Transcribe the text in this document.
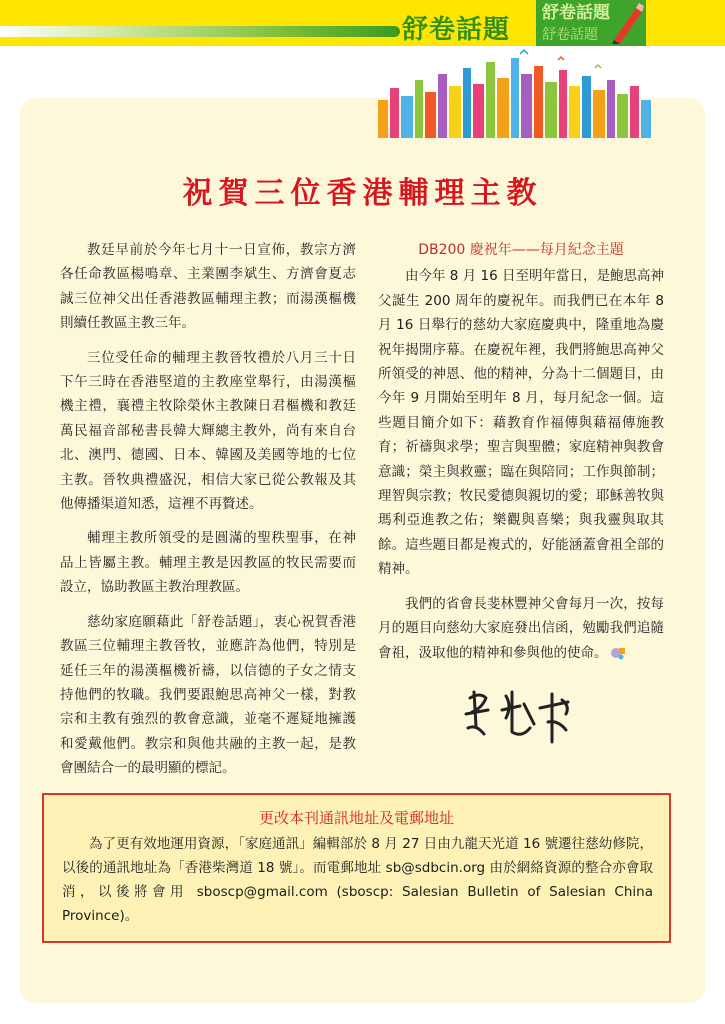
舒卷話題
舒卷話題
舒卷話題
祝賀三位香港輔理主教

教廷早前於今年七月十一日宣佈，教宗方濟各任命教區楊鳴章、主業團李斌生、方濟會夏志誠三位神父出任香港教區輔理主教；而湯漢樞機則續任教區主教三年。

三位受任命的輔理主教晉牧禮於八月三十日下午三時在香港堅道的主教座堂舉行，由湯漢樞機主禮，襄禮主牧除榮休主教陳日君樞機和教廷萬民福音部秘書長韓大輝總主教外，尚有來自台北、澳門、德國、日本、韓國及美國等地的七位主教。晉牧典禮盛況，相信大家已從公教報及其他傳播渠道知悉，這裡不再贅述。

輔理主教所領受的是圓滿的聖秩聖事，在神品上皆屬主教。輔理主教是因教區的牧民需要而設立，協助教區主教治理教區。

慈幼家庭願藉此「舒卷話題」，衷心祝賀香港教區三位輔理主教晉牧，並應許為他們，特別是延任三年的湯漢樞機祈禱，以信德的子女之情支持他們的牧職。我們要跟鮑思高神父一樣，對教宗和主教有強烈的教會意識，並毫不遲疑地擁護和愛戴他們。教宗和與他共融的主教一起，是教會團結合一的最明顯的標記。

DB200 慶祝年——每月紀念主題

由今年 8 月 16 日至明年當日，是鮑思高神父誕生 200 周年的慶祝年。而我們已在本年 8 月 16 日舉行的慈幼大家庭慶典中，隆重地為慶祝年揭開序幕。在慶祝年裡，我們將鮑思高神父所領受的神恩、他的精神，分為十二個題目，由今年 9 月開始至明年 8 月，每月紀念一個。這些題目簡介如下：藉教育作福傳與藉福傳施教育；祈禱與求學；聖言與聖體；家庭精神與教會意識；榮主與救靈；臨在與陪同；工作與節制；理智與宗教；牧民愛德與親切的愛；耶穌善牧與瑪利亞進教之佑；樂觀與喜樂；與我靈與取其餘。這些題目都是複式的，好能涵蓋會祖全部的精神。

我們的省會長斐林豐神父會每月一次，按每月的題目向慈幼大家庭發出信函，勉勵我們追隨會祖，汲取他的精神和參與他的使命。

更改本刊通訊地址及電郵地址
為了更有效地運用資源，「家庭通訊」編輯部於 8 月 27 日由九龍天光道 16 號遷往慈幼修院，以後的通訊地址為「香港柴灣道 18 號」。而電郵地址 sb@sdbcin.org 由於網絡資源的整合亦會取消，以後將會用 sboscp@gmail.com (sboscp: Salesian Bulletin of Salesian China Province)。
